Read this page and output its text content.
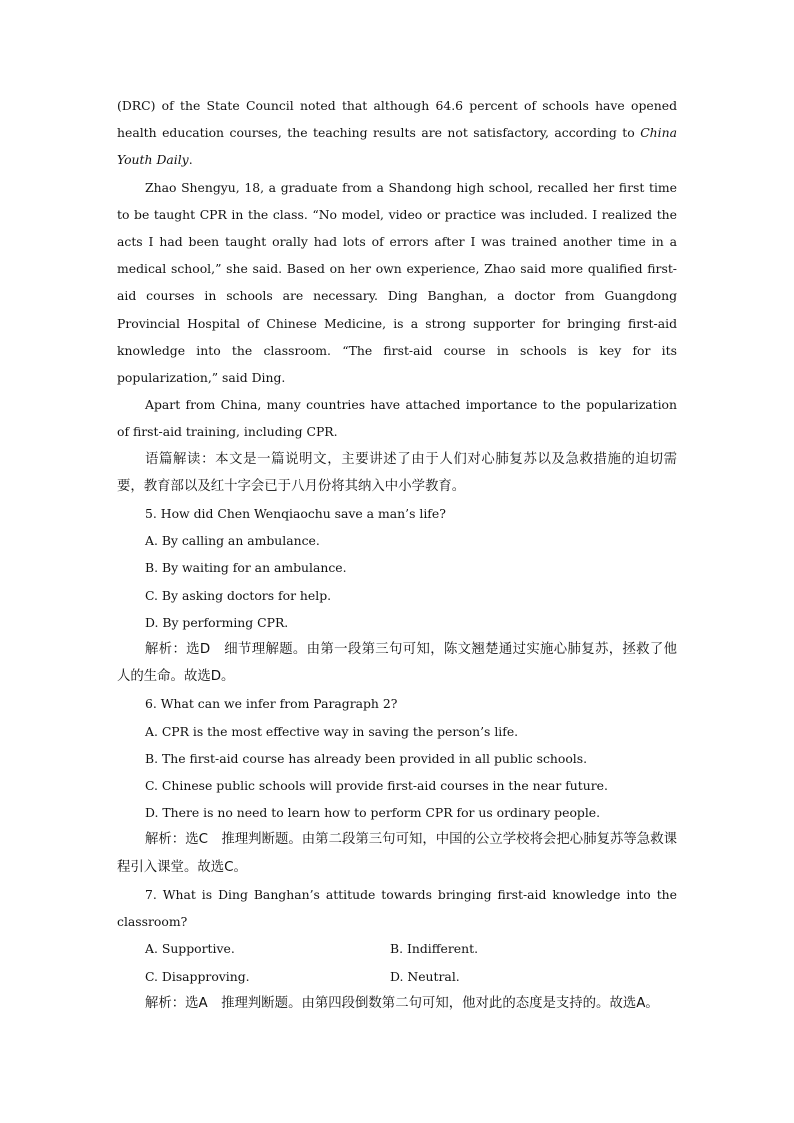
(DRC) of the State Council noted that although 64.6 percent of schools have opened health education courses, the teaching results are not satisfactory, according to China Youth Daily.

Zhao Shengyu, 18, a graduate from a Shandong high school, recalled her first time to be taught CPR in the class. “No model, video or practice was included. I realized the acts I had been taught orally had lots of errors after I was trained another time in a medical school,” she said. Based on her own experience, Zhao said more qualified first-aid courses in schools are necessary. Ding Banghan, a doctor from Guangdong Provincial Hospital of Chinese Medicine, is a strong supporter for bringing first-aid knowledge into the classroom. “The first-aid course in schools is key for its popularization,” said Ding.

Apart from China, many countries have attached importance to the popularization of first-aid training, including CPR.

语篇解读：本文是一篇说明文，主要讲述了由于人们对心肺复苏以及急救措施的迫切需要，教育部以及红十字会已于八月份将其纳入中小学教育。

5. How did Chen Wenqiaochu save a man’s life?

A. By calling an ambulance.

B. By waiting for an ambulance.

C. By asking doctors for help.

D. By performing CPR.

解析：选D　细节理解题。由第一段第三句可知，陈文翘楚通过实施心肺复苏，拯救了他人的生命。故选D。

6. What can we infer from Paragraph 2?

A. CPR is the most effective way in saving the person’s life.

B. The first-aid course has already been provided in all public schools.

C. Chinese public schools will provide first-aid courses in the near future.

D. There is no need to learn how to perform CPR for us ordinary people.

解析：选C　推理判断题。由第二段第三句可知，中国的公立学校将会把心肺复苏等急救课程引入课堂。故选C。

7. What is Ding Banghan’s attitude towards bringing first-aid knowledge into the classroom?

A. Supportive.	B. Indifferent.
C. Disapproving.	D. Neutral.

解析：选A　推理判断题。由第四段倒数第二句可知，他对此的态度是支持的。故选A。
